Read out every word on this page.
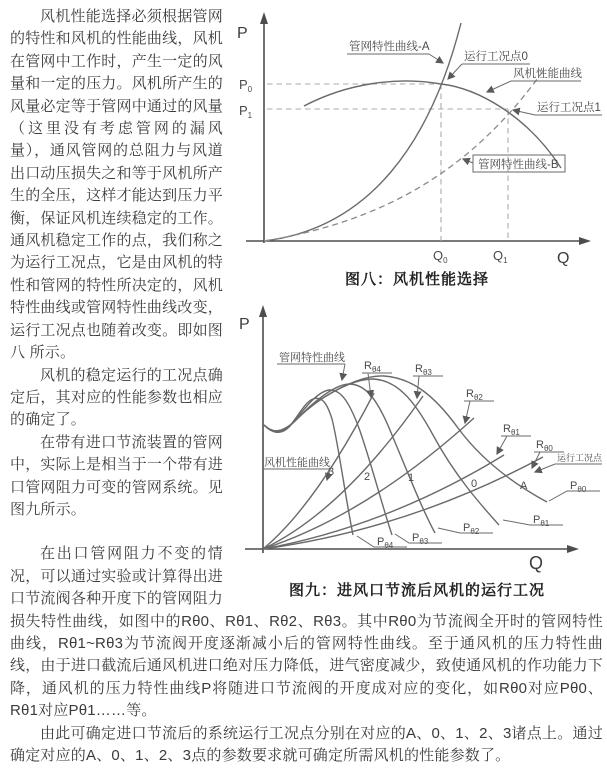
P
Q
$P_0$
$P_1$
$Q_0$	$Q_1$
管网特性曲线-A
运行工况点0
风机性能曲线
运行工况点1
管网特性曲线-B
图八：风机性能选择
P
Q
管网特性曲线
风机性能曲线
$R_{\theta 4}$	$R_{\theta 3}$
$R_{\theta 2}$
$R_{\theta 1}$
$R_{\theta 0}$
运行工况点
3	2	1	0	A
$P_{\theta 4}$
$P_{\theta 3}$
$P_{\theta 2}$
$P_{\theta 1}$
$P_{\theta 0}$
图九：进风口节流后风机的运行工况

风机性能选择必须根据管网的特性和风机的性能曲线，风机在管网中工作时，产生一定的风量和一定的压力。风机所产生的风量必定等于管网中通过的风量（这里没有考虑管网的漏风量），通风管网的总阻力与风道出口动压损失之和等于风机所产生的全压，这样才能达到压力平衡，保证风机连续稳定的工作。通风机稳定工作的点，我们称之为运行工况点，它是由风机的特性和管网的特性所决定的，风机特性曲线或管网特性曲线改变，运行工况点也随着改变。即如图八 所示。

风机的稳定运行的工况点确定后，其对应的性能参数也相应的确定了。

在带有进口节流装置的管网中，实际上是相当于一个带有进口管网阻力可变的管网系统。见图九所示。

在出口管网阻力不变的情况，可以通过实验或计算得出进口节流阀各种开度下的管网阻力损失特性曲线，如图中的Rθ0、Rθ1、Rθ2、Rθ3。其中Rθ0为节流阀全开时的管网特性曲线，Rθ1~Rθ3为节流阀开度逐渐减小后的管网特性曲线。至于通风机的压力特性曲线，由于进口截流后通风机进口绝对压力降低，进气密度减少，致使通风机的作功能力下降，通风机的压力特性曲线P将随进口节流阀的开度成对应的变化，如Rθ0对应Pθ0、Rθ1对应Pθ1……等。

由此可确定进口节流后的系统运行工况点分别在对应的A、0、1、2、3诸点上。通过确定对应的A、0、1、2、3点的参数要求就可确定所需风机的性能参数了。
